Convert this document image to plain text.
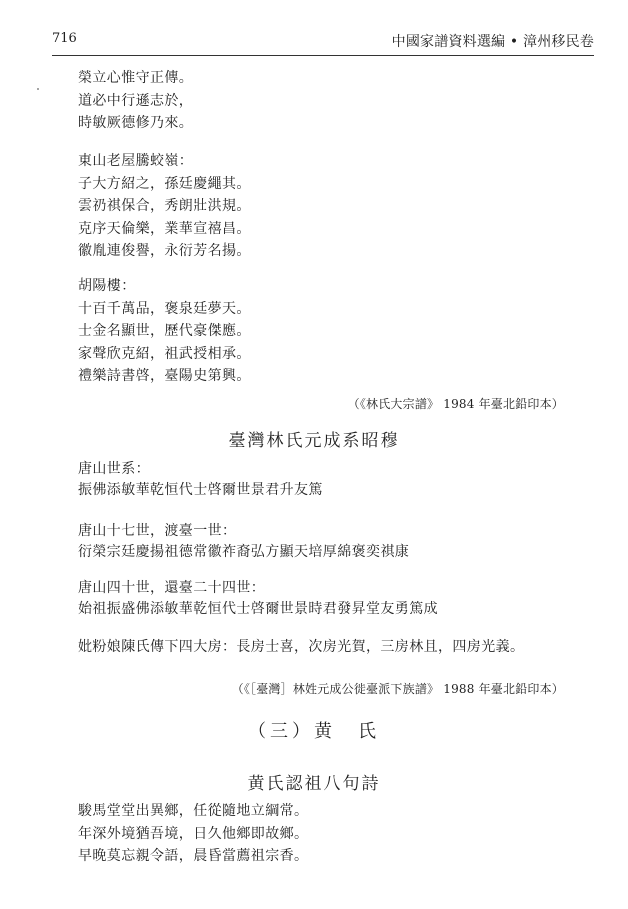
716	中國家譜資料選編 • 漳州移民卷
榮立心惟守正傳。
道必中行遜志於，
時敏厥德修乃來。
東山老屋騰蛟嶺：
子大方紹之，孫廷慶繩其。
雲礽祺保合，秀朗壯洪規。
克序天倫樂，業華宣禧昌。
徽胤連俊譽，永衍芳名揚。
胡陽樓：
十百千萬品，褒泉廷夢天。
士金名顯世，歷代豪傑應。
家聲欣克紹，祖武授相承。
禮樂詩書啓，臺陽史第興。
（《林氏大宗譜》 1984 年臺北鉛印本）
臺灣林氏元成系昭穆
唐山世系：
振佛添敏華乾恒代士啓爾世景君升友篤
唐山十七世，渡臺一世：
衍榮宗廷慶揚祖德常徽祚裔弘方顯天培厚綿褒奕祺康
唐山四十世，還臺二十四世：
始祖振盛佛添敏華乾恒代士啓爾世景時君發昇堂友勇篤成
妣粉娘陳氏傳下四大房：長房士喜，次房光賀，三房林且，四房光義。
（《［臺灣］林姓元成公徙臺派下族譜》 1988 年臺北鉛印本）
（三）黄　氏
黄氏認祖八句詩
駿馬堂堂出異鄉，任從隨地立綱常。
年深外境猶吾境，日久他鄉即故鄉。
早晚莫忘親令語，晨昏當薦祖宗香。
